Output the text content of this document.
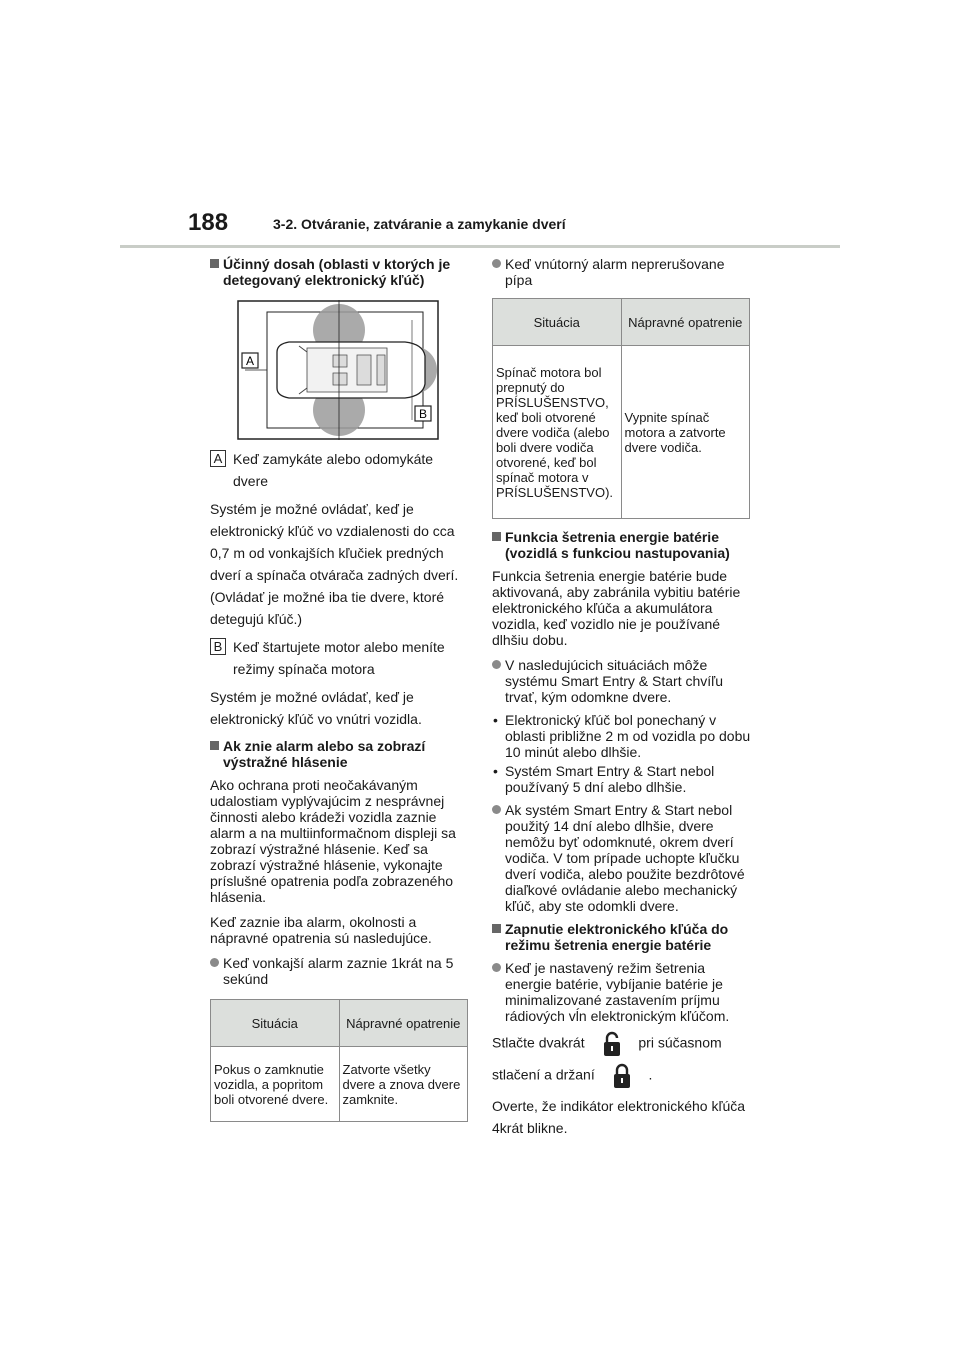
188	3-2. Otváranie, zatváranie a zamykanie dverí
Účinný dosah (oblasti v ktorých je detegovaný elektronický kľúč)
A
B
A Keď zamykáte alebo odomykáte dvere

Systém je možné ovládať, keď je elektronický kľúč vo vzdialenosti do cca 0,7 m od vonkajších kľučiek predných dverí a spínača otvárača zadných dverí. (Ovládať je možné iba tie dvere, ktoré detegujú kľúč.)

B Keď štartujete motor alebo meníte režimy spínača motora

Systém je možné ovládať, keď je elektronický kľúč vo vnútri vozidla.

Ak znie alarm alebo sa zobrazí výstražné hlásenie

Ako ochrana proti neočakávaným udalostiam vyplývajúcim z nesprávnej činnosti alebo krádeži vozidla zaznie alarm a na multiinformačnom displeji sa zobrazí výstražné hlásenie. Keď sa zobrazí výstražné hlásenie, vykonajte príslušné opatrenia podľa zobrazeného hlásenia.

Keď zaznie iba alarm, okolnosti a nápravné opatrenia sú nasledujúce.

Keď vonkajší alarm zaznie 1krát na 5 sekúnd
Situácia	Nápravné opatrenie
Pokus o zamknutie vozidla, a popritom boli otvorené dvere.	Zatvorte všetky dvere a znova dvere zamknite.
Keď vnútorný alarm neprerušovane pípa
Situácia	Nápravné opatrenie
Spínač motora bol prepnutý do PRÍSLUŠENSTVO, keď boli otvorené dvere vodiča (alebo boli dvere vodiča otvorené, keď bol spínač motora v PRÍSLUŠENSTVO).	Vypnite spínač motora a zatvorte dvere vodiča.
Funkcia šetrenia energie batérie (vozidlá s funkciou nastupovania)

Funkcia šetrenia energie batérie bude aktivovaná, aby zabránila vybitiu batérie elektronického kľúča a akumulátora vozidla, keď vozidlo nie je používané dlhšiu dobu.

V nasledujúcich situáciách môže systému Smart Entry & Start chvíľu trvať, kým odomkne dvere.
• Elektronický kľúč bol ponechaný v oblasti približne 2 m od vozidla po dobu 10 minút alebo dlhšie.
• Systém Smart Entry & Start nebol používaný 5 dní alebo dlhšie.
Ak systém Smart Entry & Start nebol použitý 14 dní alebo dlhšie, dvere nemôžu byť odomknuté, okrem dverí vodiča. V tom prípade uchopte kľučku dverí vodiča, alebo použite bezdrôtové diaľkové ovládanie alebo mechanický kľúč, aby ste odomkli dvere.
Zapnutie elektronického kľúča do režimu šetrenia energie batérie
Keď je nastavený režim šetrenia energie batérie, vybíjanie batérie je minimalizované zastavením príjmu rádiových vĺn elektronickým kľúčom.
Stlačte dvakrát	pri súčasnom
stlačení a držaní	.

Overte, že indikátor elektronického kľúča 4krát blikne.
